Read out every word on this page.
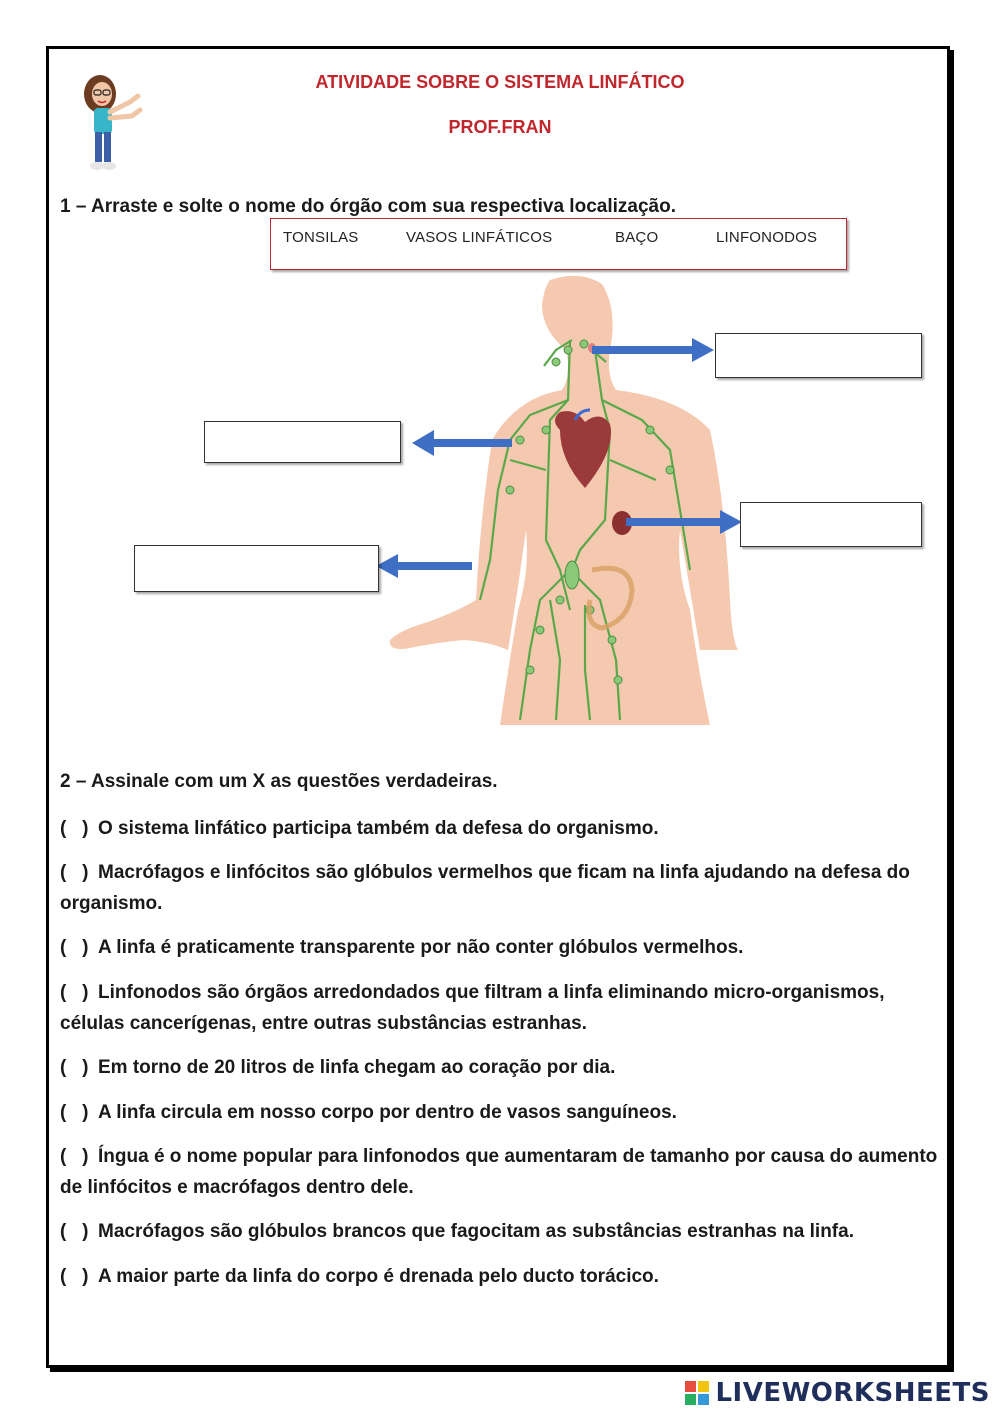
ATIVIDADE SOBRE O SISTEMA LINFÁTICO
PROF.FRAN
1 – Arraste e solte o nome do órgão com sua respectiva localização.
TONSILAS	VASOS LINFÁTICOS	BAÇO	LINFONODOS
2 – Assinale com um X as questões verdadeiras.
( ) O sistema linfático participa também da defesa do organismo.
( ) Macrófagos e linfócitos são glóbulos vermelhos que ficam na linfa ajudando na defesa do organismo.
( ) A linfa é praticamente transparente por não conter glóbulos vermelhos.
( ) Linfonodos são órgãos arredondados que filtram a linfa eliminando micro-organismos, células cancerígenas, entre outras substâncias estranhas.
( ) Em torno de 20 litros de linfa chegam ao coração por dia.
( ) A linfa circula em nosso corpo por dentro de vasos sanguíneos.
( ) Íngua é o nome popular para linfonodos que aumentaram de tamanho por causa do aumento de linfócitos e macrófagos dentro dele.
( ) Macrófagos são glóbulos brancos que fagocitam as substâncias estranhas na linfa.
( ) A maior parte da linfa do corpo é drenada pelo ducto torácico.
LIVEWORKSHEETS
